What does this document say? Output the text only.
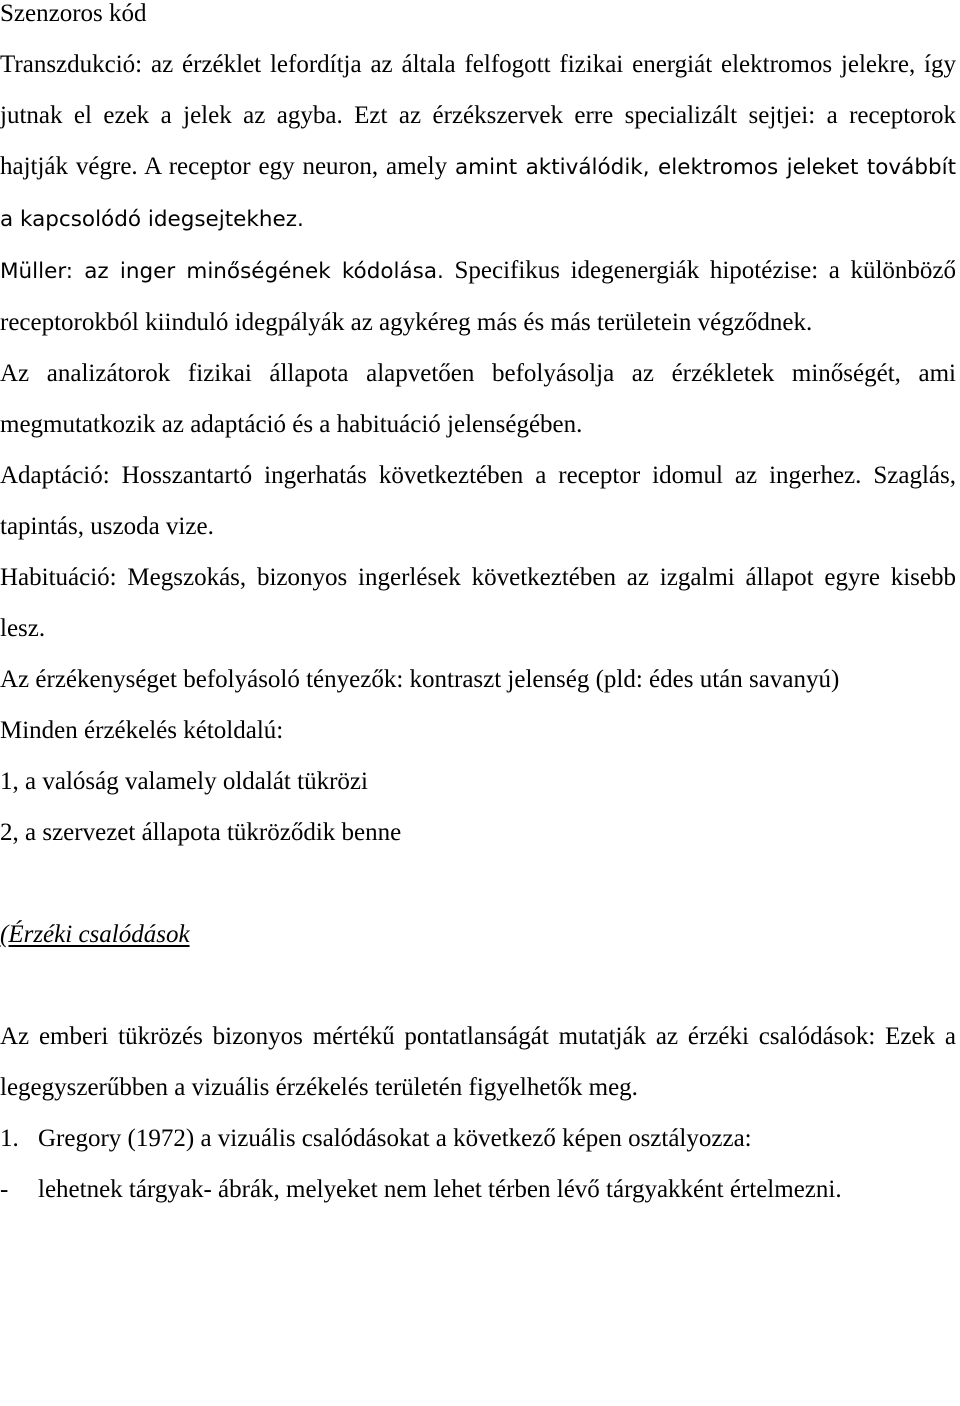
Szenzoros kód

Transzdukció: az érzéklet lefordítja az általa felfogott fizikai energiát elektromos jelekre, így jutnak el ezek a jelek az agyba. Ezt az érzékszervek erre specializált sejtjei: a receptorok hajtják végre. A receptor egy neuron, amely amint aktiválódik, elektromos jeleket továbbít a kapcsolódó idegsejtekhez.

Müller: az inger minőségének kódolása. Specifikus idegenergiák hipotézise: a különböző receptorokból kiinduló idegpályák az agykéreg más és más területein végződnek.

Az analizátorok fizikai állapota alapvetően befolyásolja az érzékletek minőségét, ami megmutatkozik az adaptáció és a habituáció jelenségében.

Adaptáció: Hosszantartó ingerhatás következtében a receptor idomul az ingerhez. Szaglás, tapintás, uszoda vize.

Habituáció: Megszokás, bizonyos ingerlések következtében az izgalmi állapot egyre kisebb lesz.

Az érzékenységet befolyásoló tényezők: kontraszt jelenség (pld: édes után savanyú)

Minden érzékelés kétoldalú:

1, a valóság valamely oldalát tükrözi

2, a szervezet állapota tükröződik benne

(Érzéki csalódások

Az emberi tükrözés bizonyos mértékű pontatlanságát mutatják az érzéki csalódások: Ezek a legegyszerűbben a vizuális érzékelés területén figyelhetők meg.

1. Gregory (1972) a vizuális csalódásokat a következő képen osztályozza:
-	lehetnek tárgyak- ábrák, melyeket nem lehet térben lévő tárgyakként értelmezni.
